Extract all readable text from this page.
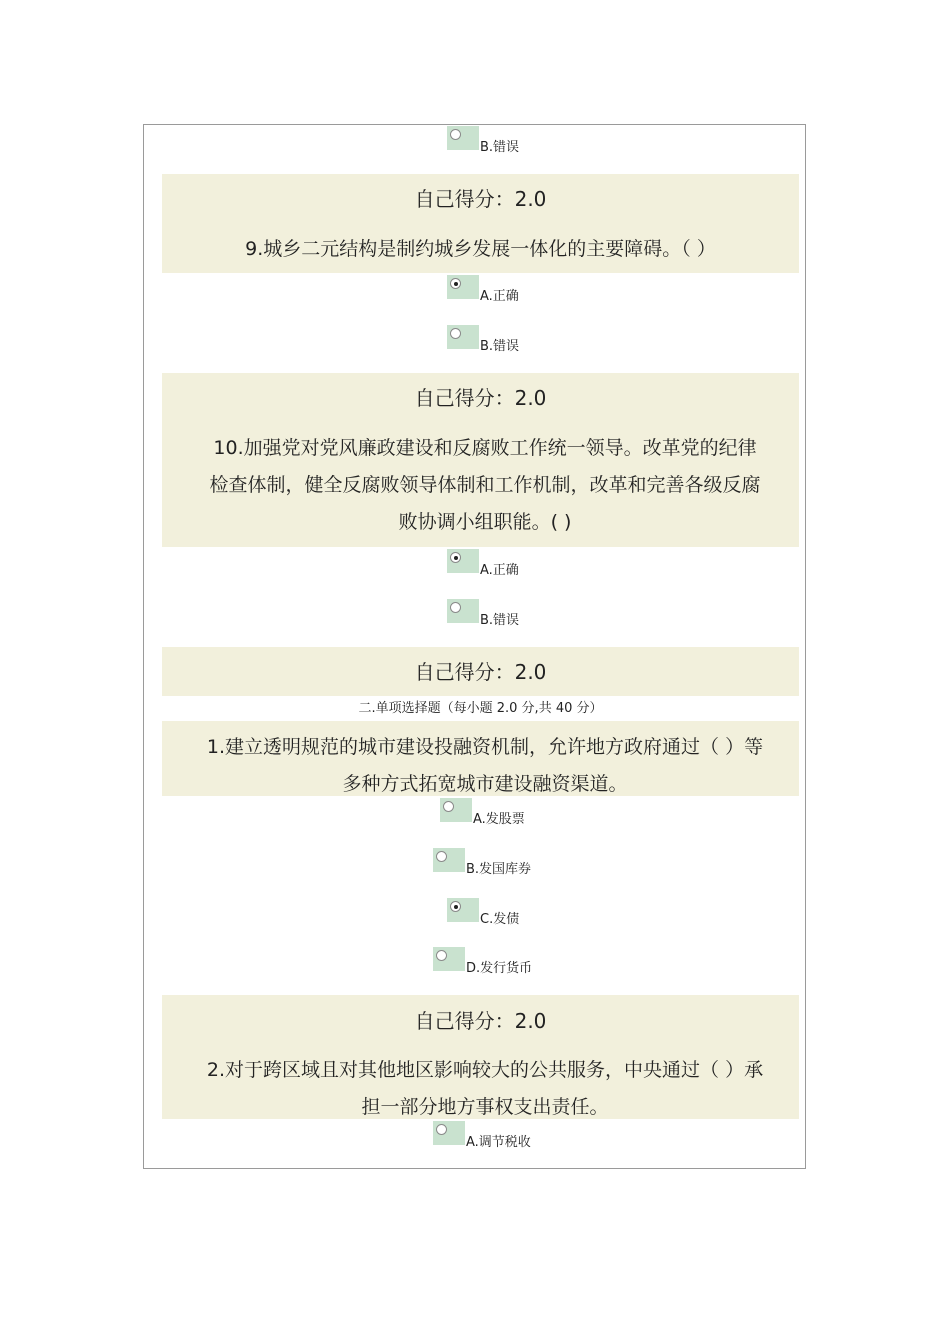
B.错误
自己得分：2.0
9.城乡二元结构是制约城乡发展一体化的主要障碍。（ ）
A.正确
B.错误
自己得分：2.0
10.加强党对党风廉政建设和反腐败工作统一领导。改革党的纪律
检查体制，健全反腐败领导体制和工作机制，改革和完善各级反腐
败协调小组职能。( )
A.正确
B.错误
自己得分：2.0
二.单项选择题（每小题 2.0 分,共 40 分）
1.建立透明规范的城市建设投融资机制，允许地方政府通过（ ）等
多种方式拓宽城市建设融资渠道。
A.发股票
B.发国库券
C.发债
D.发行货币
自己得分：2.0
2.对于跨区域且对其他地区影响较大的公共服务，中央通过（ ）承
担一部分地方事权支出责任。
A.调节税收
